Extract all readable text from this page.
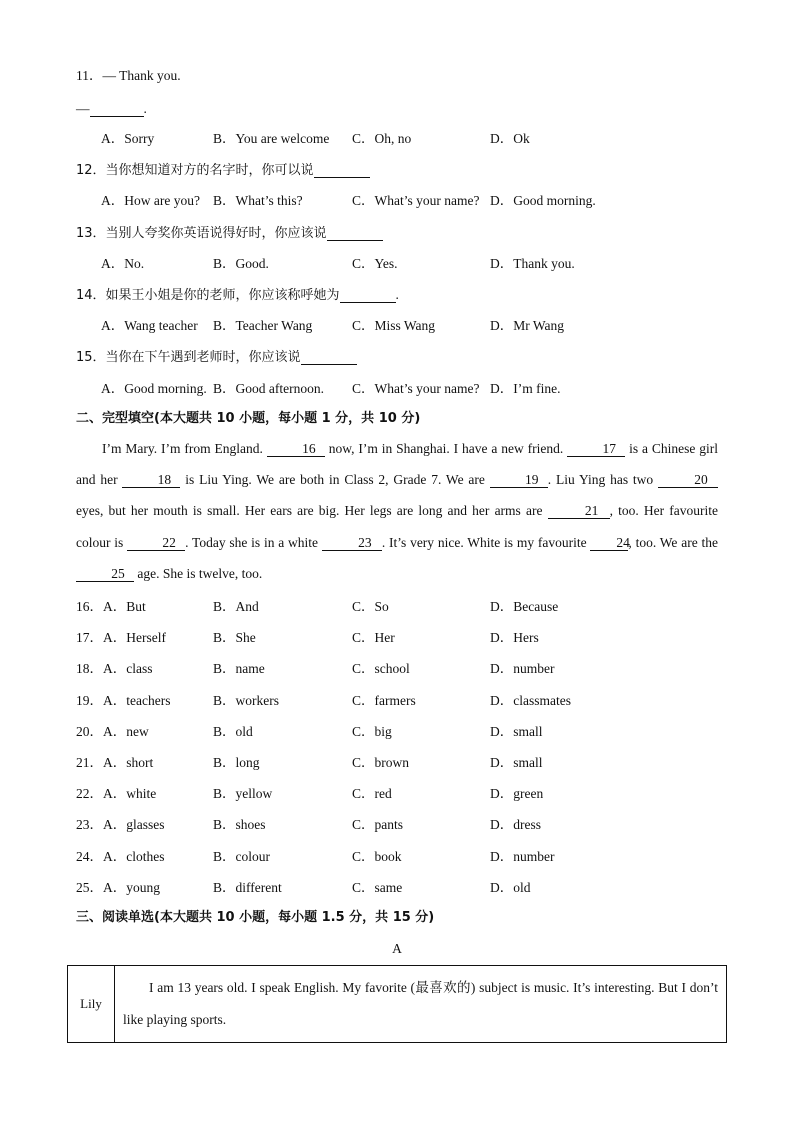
11．— Thank you.
—	.
A．Sorry	B．You are welcome C．Oh, no	D．Ok
12．当你想知道对方的名字时，你可以说
A．How are you? B．What’s this?	C．What’s your name? D．Good morning.
13．当别人夸奖你英语说得好时，你应该说
A．No.	B．Good.	C．Yes.	D．Thank you.
14．如果王小姐是你的老师，你应该称呼她为	.
A．Wang teacher B．Teacher Wang	C．Miss Wang	D．Mr Wang
15．当你在下午遇到老师时，你应该说
A．Good morning. B．Good afternoon. C．What’s your name? D．I’m fine.
二、完型填空(本大题共 10 小题，每小题 1 分，共 10 分)

I’m Mary. I’m from England.	16 now, I’m in Shanghai. I have a new friend.	17 is a Chinese girl and her	18 is Liu Ying. We are both in Class 2, Grade 7. We are	19 . Liu Ying has two	20 eyes, but her mouth is small. Her ears are big. Her legs are long and her arms are	21 , too. Her favourite colour is	22 . Today she is in a white	23 . It’s very nice. White is my favourite 24, too. We are the 25 age. She is twelve, too.

16． A．But	B．And	C．So	D．Because
17． A．Herself	B．She	C．Her	D．Hers
18． A．class	B．name	C．school	D．number
19． A．teachers	B．workers	C．farmers	D．classmates
20． A．new	B．old	C．big	D．small
21． A．short	B．long	C．brown	D．small
22． A．white	B．yellow	C．red	D．green
23． A．glasses	B．shoes	C．pants	D．dress
24． A．clothes	B．colour	C．book	D．number
25． A．young	B．different	C．same	D．old
三、阅读单选(本大题共 10 小题，每小题 1.5 分，共 15 分)
A
Lily	I am 13 years old. I speak English. My favorite (最喜欢的) subject is music. It’s interesting. But I don’t like playing sports.
